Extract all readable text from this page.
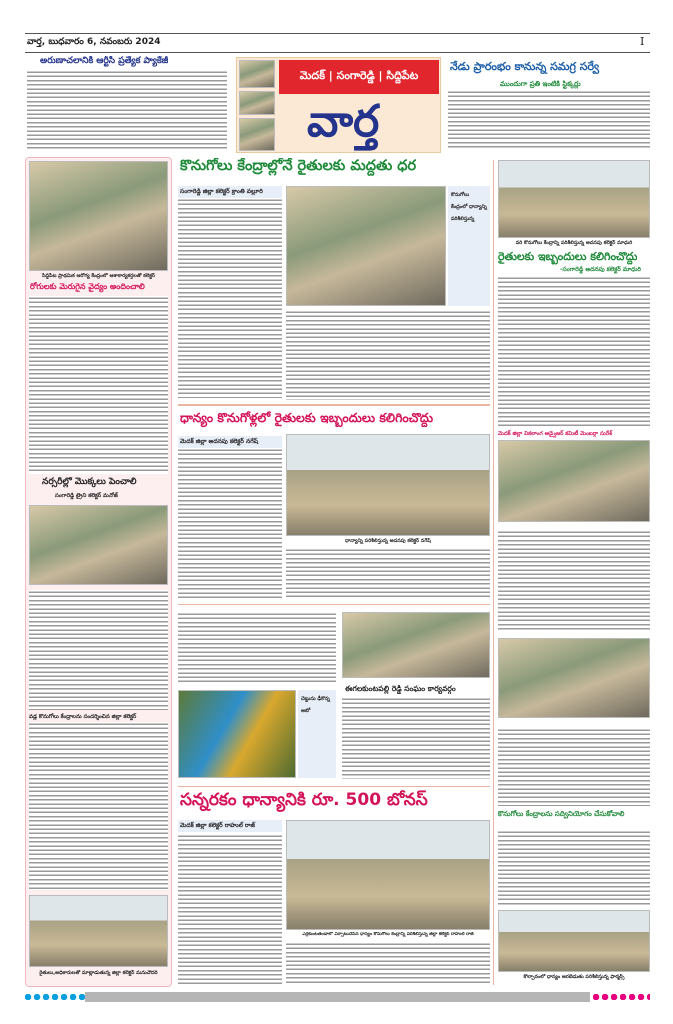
వార్త, బుధవారం 6, నవంబరు 2024	I
అరుణాచలానికి ఆర్టీసీ ప్రత్యేక ప్యాకేజీ
మెదక్ | సంగారెడ్డి | సిద్దిపేట
వార్త
నేడు ప్రారంభం కానున్న సమగ్ర సర్వే
ముందుగా ప్రతి ఇంటికి స్టిక్కర్లు
సిద్దిపేట ప్రాథమిక ఆరోగ్య కేంద్రంలో ఆశాకార్యకర్తలతో కలెక్టర్
రోగులకు మెరుగైన వైద్యం అందించాలి
నర్సరీల్లో మొక్కలు పెంచాలి
సంగారెడ్డి ట్రైని కలెక్టర్ మనోజ్
వడ్ల కొనుగోలు కేంద్రాలను సందర్శించిన జిల్లా కలెక్టర్
రైతులు,అధికారులతో మాట్లాడుతున్న జిల్లా కలెక్టర్ మనుచౌదరి
కొనుగోలు కేంద్రాల్లోనే రైతులకు మద్దతు ధర
సంగారెడ్డి జిల్లా కలెక్టర్ క్రాంతి వల్లూరి	కొనుగోలు కేంద్రంలో ధాన్యాన్ని పరిశీలిస్తున్న
వరి కొనుగోలు కేంద్రాన్ని పరిశీలిస్తున్న అదనపు కలెక్టర్ మాధురి
రైతులకు ఇబ్బందులు కలిగించొద్దు
-సంగారెడ్డి అదనపు కలెక్టర్ మాధురి
మెదక్ జిల్లా వికలాంగ అడ్వైజర్ కమిటీ మెంబర్గా సురేశ్
కొనుగోలు కేంద్రాలను సద్వినియోగం చేసుకోవాలి
కొల్చారంలో ధాన్యం ఆరబెడుతు పరిశీలిస్తున్న ఫార్మర్స్
ధాన్యం కొనుగోళ్లలో రైతులకు ఇబ్బందులు కలిగించొద్దు
మెదక్ జిల్లా అదనపు కలెక్టర్ నగేష్
ధాన్యాన్ని పరిశీలిస్తున్న అదనపు కలెక్టర్ నగేష్
చెట్టును ఢీకొన్న ఆటో
ఈగలకుంటపల్లి రెడ్డి సంఘం కార్యవర్గం
సన్నరకం ధాన్యానికి రూ. 500 బోనస్
మెదక్ జిల్లా కలెక్టర్ రాహుల్ రాజ్
ఎర్రకుంటతండాలో ఏర్పాటుచేసిన ధాన్యం కొనుగోలు కేంద్రాన్ని పరిశీలిస్తున్న జిల్లా కలెక్టర్ రాహుల్ రాజ్
